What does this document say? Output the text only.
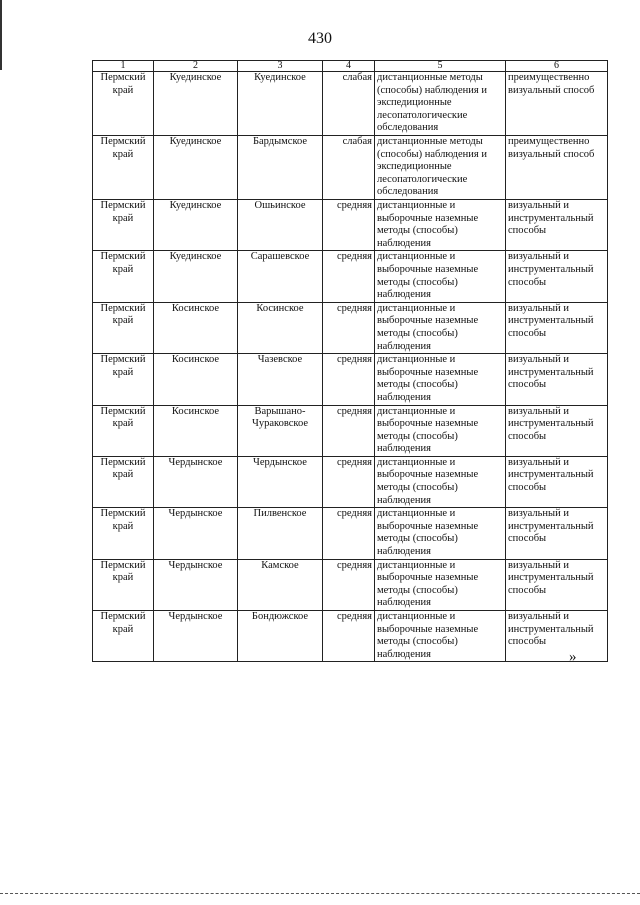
430
1	2	3	4	5	6
Пермский край	Куединское	Куединское	слабая	дистанционные методы (способы) наблюдения и экспедиционные лесопатологические обследования	преимущественно визуальный способ
Пермский край	Куединское	Бардымское	слабая	дистанционные методы (способы) наблюдения и экспедиционные лесопатологические обследования	преимущественно визуальный способ
Пермский край	Куединское	Ошьинское	средняя	дистанционные и выборочные наземные методы (способы) наблюдения	визуальный и инструментальный способы
Пермский край	Куединское	Сарашевское	средняя	дистанционные и выборочные наземные методы (способы) наблюдения	визуальный и инструментальный способы
Пермский край	Косинское	Косинское	средняя	дистанционные и выборочные наземные методы (способы) наблюдения	визуальный и инструментальный способы
Пермский край	Косинское	Чазевское	средняя	дистанционные и выборочные наземные методы (способы) наблюдения	визуальный и инструментальный способы
Пермский край	Косинское	Варышано-Чураковское	средняя	дистанционные и выборочные наземные методы (способы) наблюдения	визуальный и инструментальный способы
Пермский край	Чердынское	Чердынское	средняя	дистанционные и выборочные наземные методы (способы) наблюдения	визуальный и инструментальный способы
Пермский край	Чердынское	Пилвенское	средняя	дистанционные и выборочные наземные методы (способы) наблюдения	визуальный и инструментальный способы
Пермский край	Чердынское	Камское	средняя	дистанционные и выборочные наземные методы (способы) наблюдения	визуальный и инструментальный способы
Пермский край	Чердынское	Бондюжское	средняя	дистанционные и выборочные наземные методы (способы) наблюдения	визуальный и инструментальный способы
»
